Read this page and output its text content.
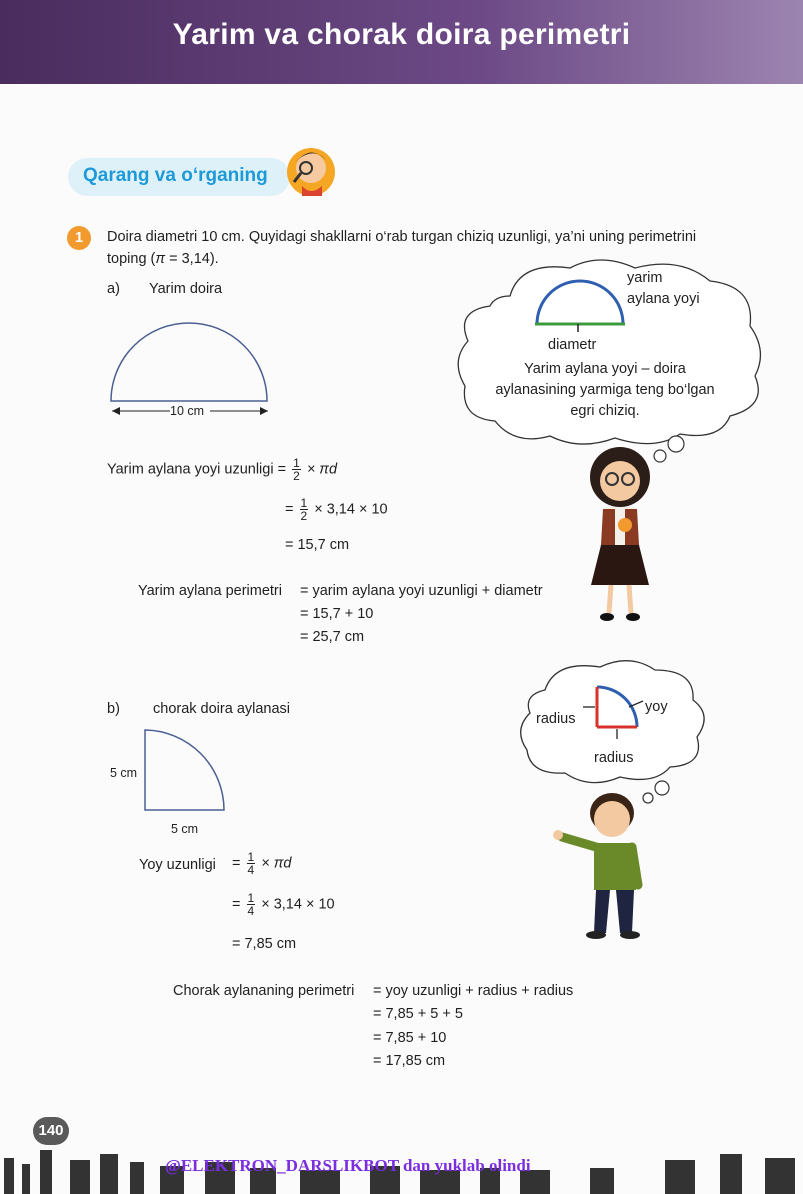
Yarim va chorak doira perimetri
Qarang va o‘rganing
1	Doira diametri 10 cm. Quyidagi shakllarni o‘rab turgan chiziq uzunligi, ya’ni uning perimetrini
toping (π = 3,14).
a) Yarim doira
10 cm
Yarim aylana yoyi uzunligi = $\frac{1}{2} \times \pi d$
= $\frac{1}{2} \times 3,14 \times 10$
= 15,7 cm
Yarim aylana perimetri = yarim aylana yoyi uzunligi + diametr
= 15,7 + 10
= 25,7 cm
yarim
aylana yoyi
diametr
Yarim aylana yoyi – doira
aylanasining yarmiga teng bo‘lgan
egri chiziq.
b) chorak doira aylanasi
5 cm
5 cm
Yoy uzunligi = $\frac{1}{4} \times \pi d$
= $\frac{1}{4} \times 3,14 \times 10$
= 7,85 cm
Chorak aylananing perimetri = yoy uzunligi + radius + radius
= 7,85 + 5 + 5
= 7,85 + 10
= 17,85 cm
radius
yoy
radius
140
@ELEKTRON_DARSLIKBOT dan yuklab olindi
